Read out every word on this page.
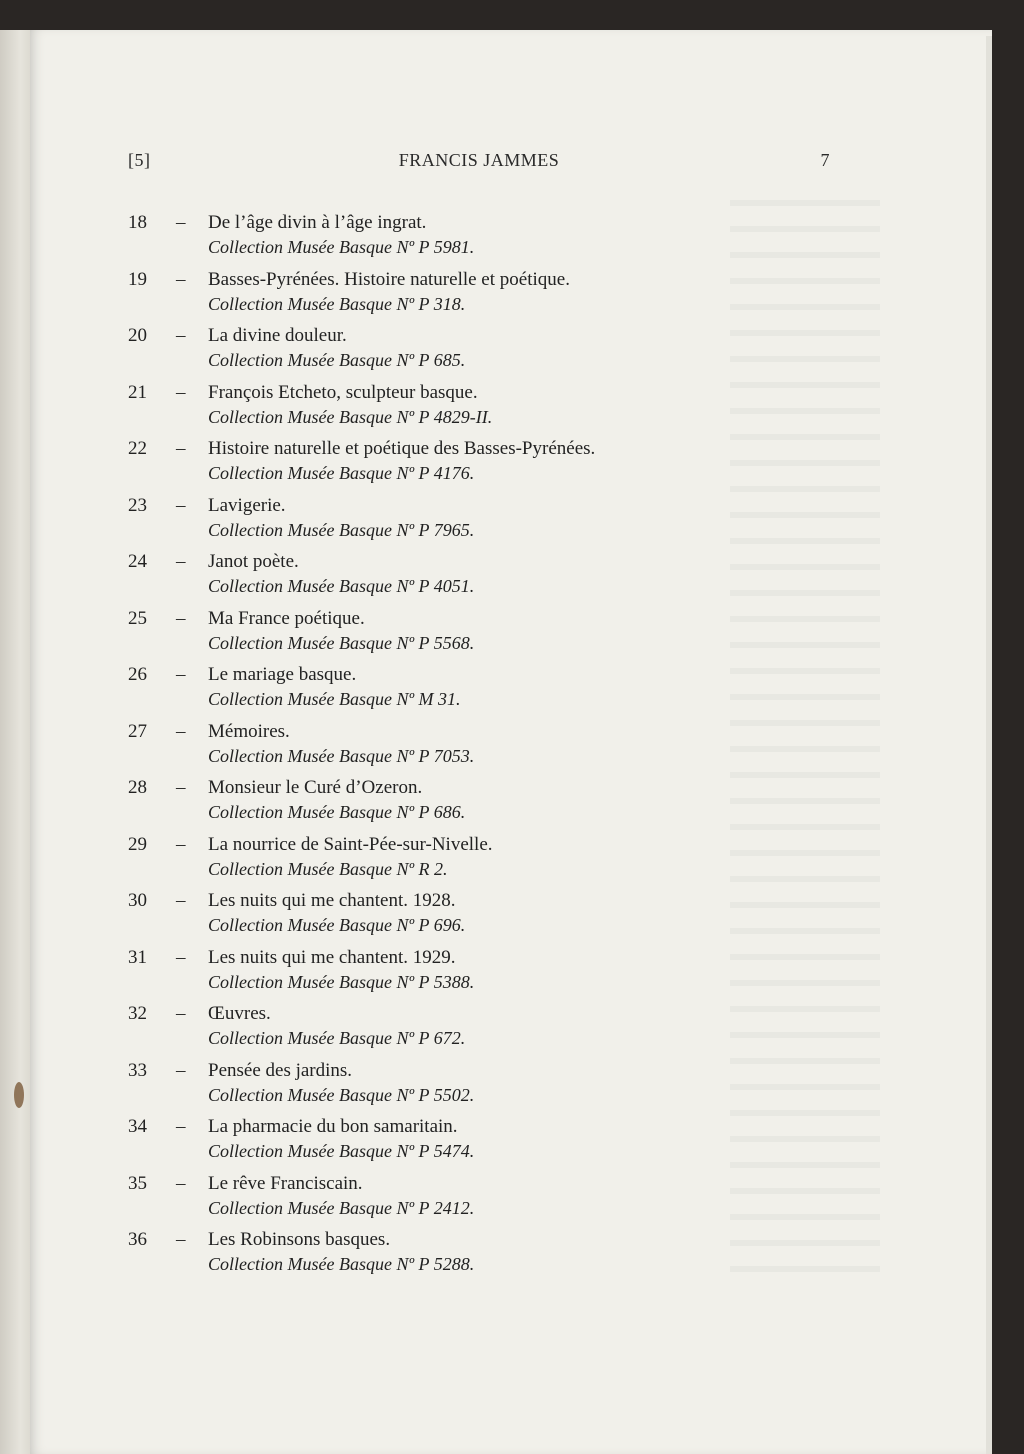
[5]	FRANCIS JAMMES	7
18	– De l’âge divin à l’âge ingrat.
Collection Musée Basque Nº P 5981.
19	– Basses-Pyrénées. Histoire naturelle et poétique.
Collection Musée Basque Nº P 318.
20	– La divine douleur.
Collection Musée Basque Nº P 685.
21	– François Etcheto, sculpteur basque.
Collection Musée Basque Nº P 4829-II.
22	– Histoire naturelle et poétique des Basses-Pyrénées.
Collection Musée Basque Nº P 4176.
23	– Lavigerie.
Collection Musée Basque Nº P 7965.
24	– Janot poète.
Collection Musée Basque Nº P 4051.
25	– Ma France poétique.
Collection Musée Basque Nº P 5568.
26	– Le mariage basque.
Collection Musée Basque Nº M 31.
27	– Mémoires.
Collection Musée Basque Nº P 7053.
28	– Monsieur le Curé d’Ozeron.
Collection Musée Basque Nº P 686.
29	– La nourrice de Saint-Pée-sur-Nivelle.
Collection Musée Basque Nº R 2.
30	– Les nuits qui me chantent. 1928.
Collection Musée Basque Nº P 696.
31	– Les nuits qui me chantent. 1929.
Collection Musée Basque Nº P 5388.
32	– Œuvres.
Collection Musée Basque Nº P 672.
33	– Pensée des jardins.
Collection Musée Basque Nº P 5502.
34	– La pharmacie du bon samaritain.
Collection Musée Basque Nº P 5474.
35	– Le rêve Franciscain.
Collection Musée Basque Nº P 2412.
36	– Les Robinsons basques.
Collection Musée Basque Nº P 5288.
